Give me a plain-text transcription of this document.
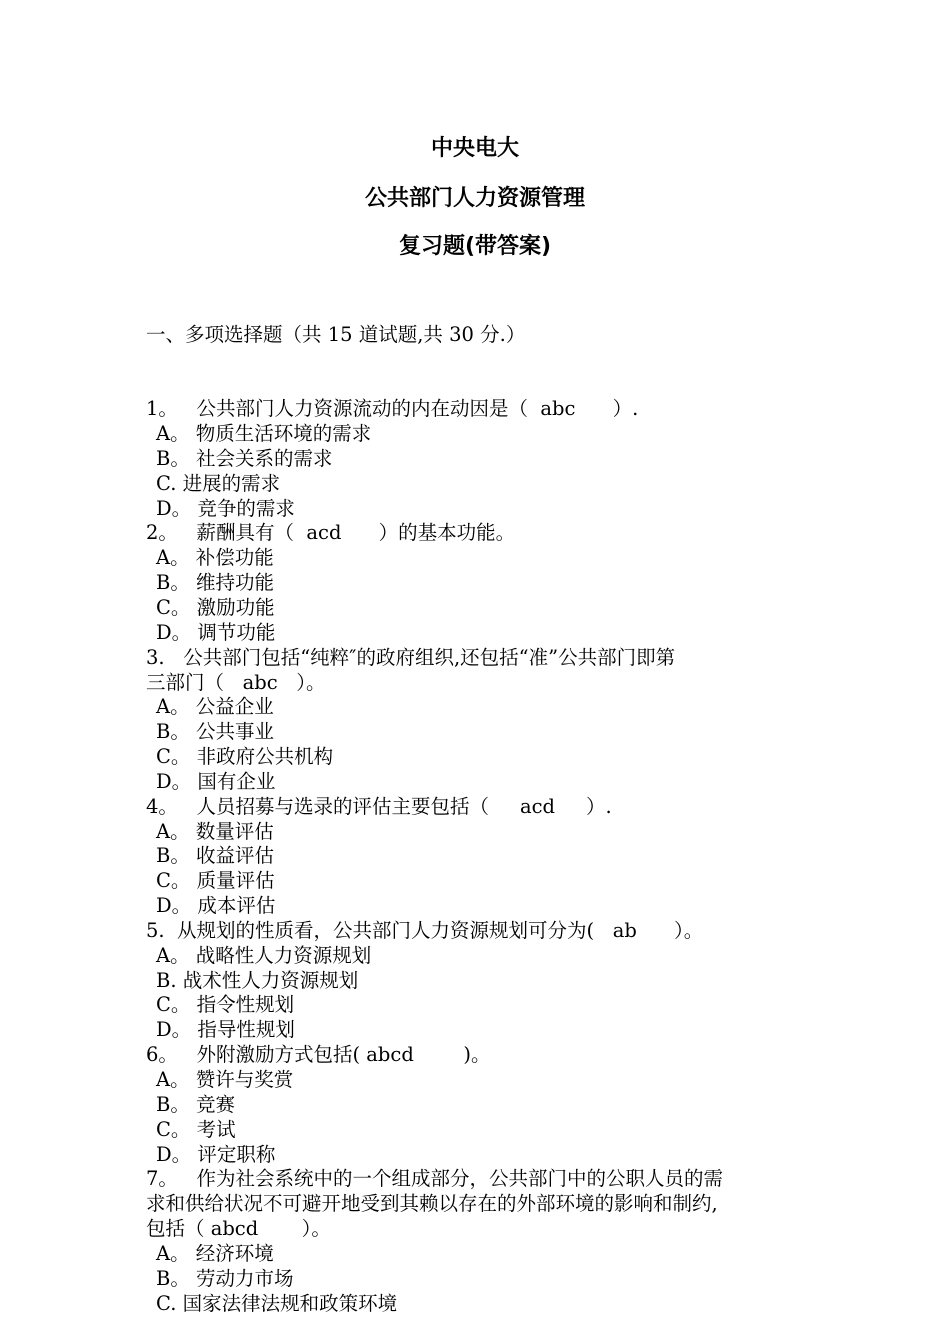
中央电大
公共部门人力资源管理
复习题(带答案)

一、多项选择题（共 15 道试题,共 30 分.）

1。   公共部门人力资源流动的内在动因是（  abc      ）.
A。 物质生活环境的需求
B。 社会关系的需求
C. 进展的需求
D。 竞争的需求
2。   薪酬具有（  acd      ）的基本功能。
A。 补偿功能
B。 维持功能
C。 激励功能
D。 调节功能
3.   公共部门包括“纯粹″的政府组织,还包括“准”公共部门即第
三部门（   abc   ）。
A。 公益企业
B。 公共事业
C。 非政府公共机构
D。 国有企业
4。   人员招募与选录的评估主要包括（     acd     ）.
A。 数量评估
B。 收益评估
C。 质量评估
D。 成本评估
5.  从规划的性质看，公共部门人力资源规划可分为(   ab      ）。
A。 战略性人力资源规划
B. 战术性人力资源规划
C。 指令性规划
D。 指导性规划
6。   外附激励方式包括( abcd        )。
A。 赞许与奖赏
B。 竞赛
C。 考试
D。 评定职称
7。   作为社会系统中的一个组成部分，公共部门中的公职人员的需
求和供给状况不可避开地受到其赖以存在的外部环境的影响和制约,
包括（ abcd       ）。
A。 经济环境
B。 劳动力市场
C. 国家法律法规和政策环境
